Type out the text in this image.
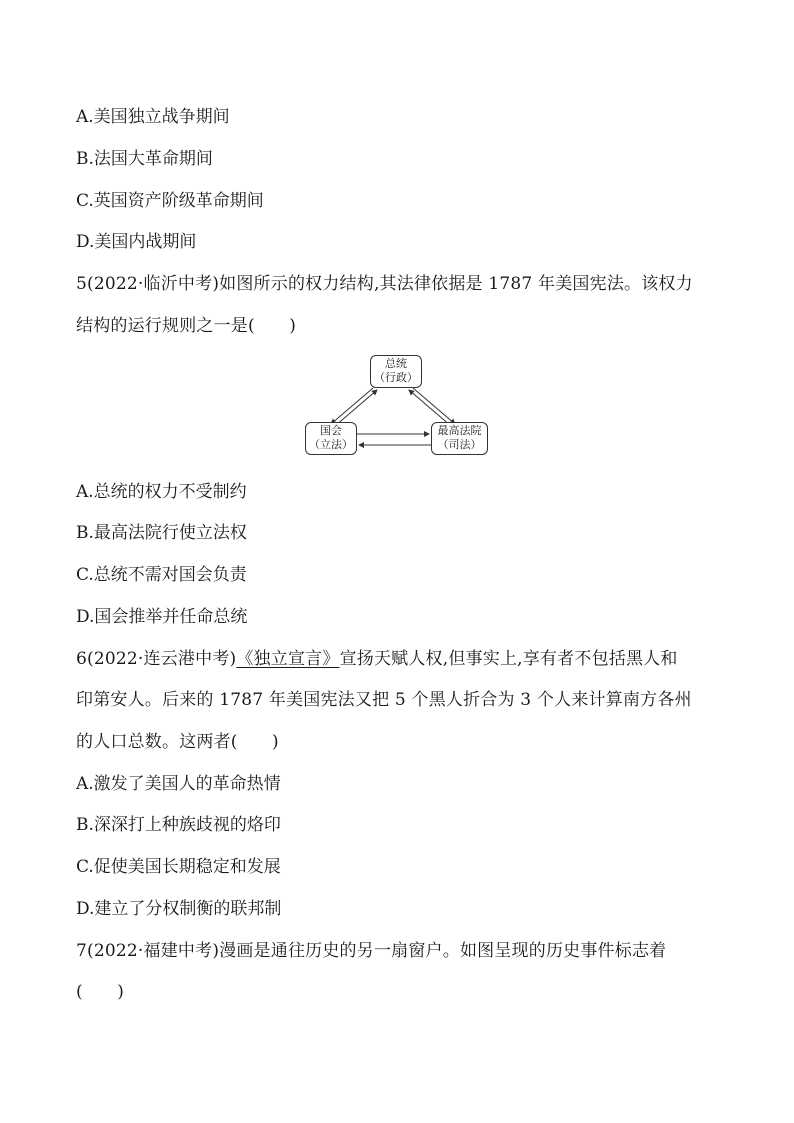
A.美国独立战争期间
B.法国大革命期间
C.英国资产阶级革命期间
D.美国内战期间
5(2022·临沂中考)如图所示的权力结构,其法律依据是 1787 年美国宪法。该权力
结构的运行规则之一是(　　)
总统
（行政）
国会
（立法）
最高法院
（司法）
A.总统的权力不受制约
B.最高法院行使立法权
C.总统不需对国会负责
D.国会推举并任命总统
6(2022·连云港中考)《独立宣言》宣扬天赋人权,但事实上,享有者不包括黑人和
印第安人。后来的 1787 年美国宪法又把 5 个黑人折合为 3 个人来计算南方各州
的人口总数。这两者(　　)
A.激发了美国人的革命热情
B.深深打上种族歧视的烙印
C.促使美国长期稳定和发展
D.建立了分权制衡的联邦制
7(2022·福建中考)漫画是通往历史的另一扇窗户。如图呈现的历史事件标志着
(　　)
